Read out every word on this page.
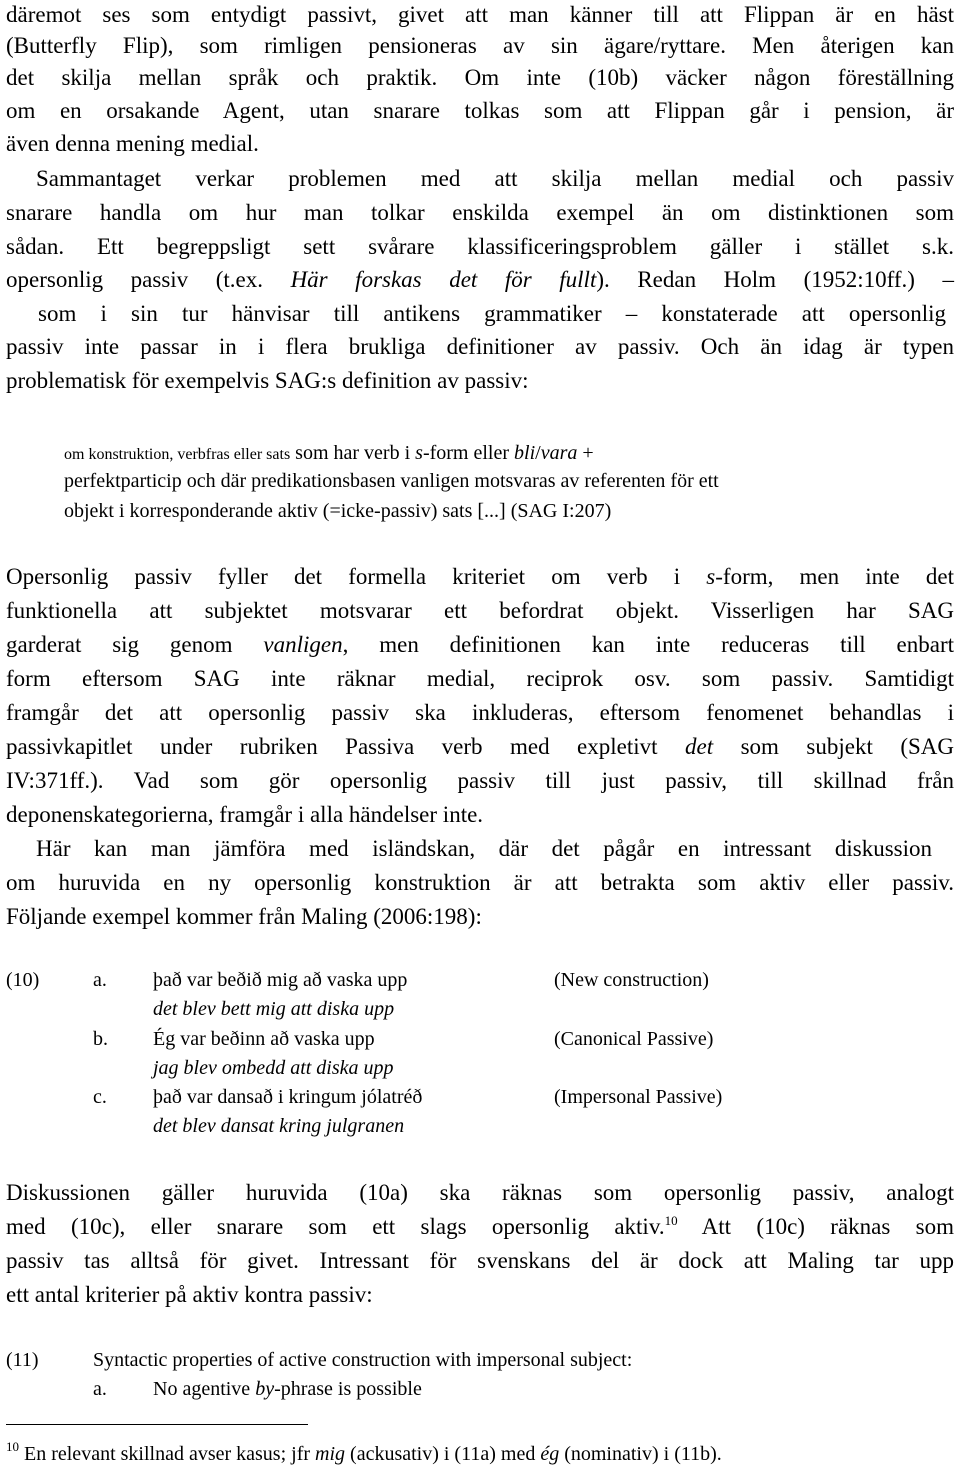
däremot ses som entydigt passivt, givet att man känner till att Flippan är en häst
(Butterfly Flip), som rimligen pensioneras av sin ägare/ryttare. Men återigen kan
det skilja mellan språk och praktik. Om inte (10b) väcker någon föreställning
om en orsakande Agent, utan snarare tolkas som att Flippan går i pension, är
även denna mening medial.
Sammantaget verkar problemen med att skilja mellan medial och passiv
snarare handla om hur man tolkar enskilda exempel än om distinktionen som
sådan. Ett begreppsligt sett svårare klassificeringsproblem gäller i stället s.k.
opersonlig passiv (t.ex. Här forskas det för fullt). Redan Holm (1952:10ff.) –
som i sin tur hänvisar till antikens grammatiker – konstaterade att opersonlig
passiv inte passar in i flera brukliga definitioner av passiv. Och än idag är typen
problematisk för exempelvis SAG:s definition av passiv:
om konstruktion, verbfras eller sats som har verb i s-form eller bli/vara +
perfektparticip och där predikationsbasen vanligen motsvaras av referenten för ett
objekt i korresponderande aktiv (=icke-passiv) sats [...] (SAG I:207)
Opersonlig passiv fyller det formella kriteriet om verb i s-form, men inte det
funktionella att subjektet motsvarar ett befordrat objekt. Visserligen har SAG
garderat sig genom vanligen, men definitionen kan inte reduceras till enbart
form eftersom SAG inte räknar medial, reciprok osv. som passiv. Samtidigt
framgår det att opersonlig passiv ska inkluderas, eftersom fenomenet behandlas i
passivkapitlet under rubriken Passiva verb med expletivt det som subjekt (SAG
IV:371ff.). Vad som gör opersonlig passiv till just passiv, till skillnad från
deponenskategorierna, framgår i alla händelser inte.
Här kan man jämföra med isländskan, där det pågår en intressant diskussion
om huruvida en ny opersonlig konstruktion är att betrakta som aktiv eller passiv.
Följande exempel kommer från Maling (2006:198):
(10)	a. það var beðið mig að vaska upp	(New construction)
det blev bett mig att diska upp
b. Ég var beðinn að vaska upp	(Canonical Passive)
jag blev ombedd att diska upp
c. það var dansað i kringum jólatréð	(Impersonal Passive)
det blev dansat kring julgranen
Diskussionen gäller huruvida (10a) ska räknas som opersonlig passiv, analogt
med (10c), eller snarare som ett slags opersonlig aktiv.$^{10}$ Att (10c) räknas som
passiv tas alltså för givet. Intressant för svenskans del är dock att Maling tar upp
ett antal kriterier på aktiv kontra passiv:
(11)	Syntactic properties of active construction with impersonal subject:
a. No agentive by-phrase is possible
$^{10}$ En relevant skillnad avser kasus; jfr mig (ackusativ) i (11a) med ég (nominativ) i (11b).
